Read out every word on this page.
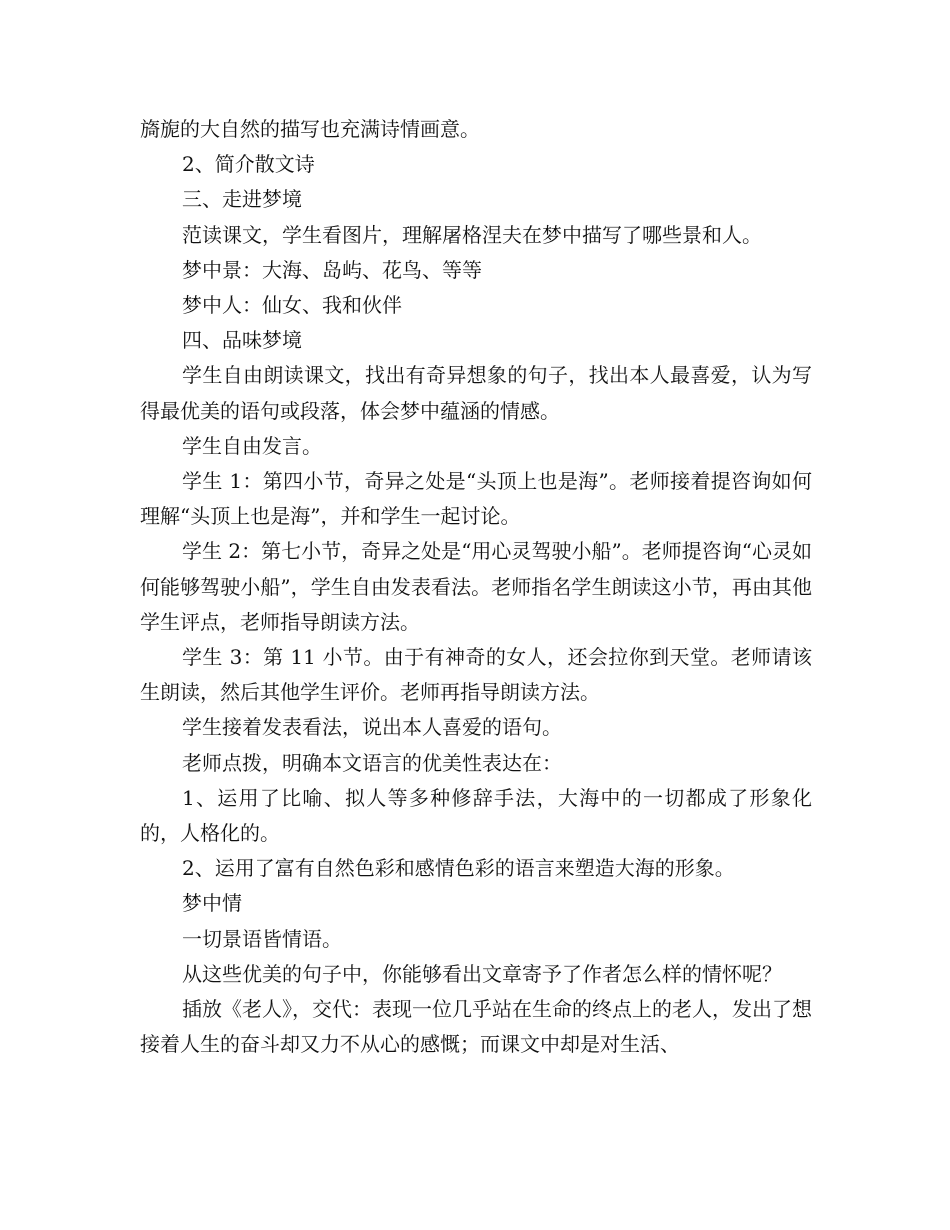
旖旎的大自然的描写也充满诗情画意。

2、简介散文诗

三、走进梦境

范读课文，学生看图片，理解屠格涅夫在梦中描写了哪些景和人。

梦中景：大海、岛屿、花鸟、等等

梦中人：仙女、我和伙伴

四、品味梦境

学生自由朗读课文，找出有奇异想象的句子，找出本人最喜爱，认为写得最优美的语句或段落，体会梦中蕴涵的情感。

学生自由发言。

学生 1：第四小节，奇异之处是“头顶上也是海”。老师接着提咨询如何理解“头顶上也是海”，并和学生一起讨论。

学生 2：第七小节，奇异之处是“用心灵驾驶小船”。老师提咨询“心灵如何能够驾驶小船”，学生自由发表看法。老师指名学生朗读这小节，再由其他学生评点，老师指导朗读方法。

学生 3：第 11 小节。由于有神奇的女人，还会拉你到天堂。老师请该生朗读，然后其他学生评价。老师再指导朗读方法。

学生接着发表看法，说出本人喜爱的语句。

老师点拨，明确本文语言的优美性表达在：

1、运用了比喻、拟人等多种修辞手法，大海中的一切都成了形象化的，人格化的。

2、运用了富有自然色彩和感情色彩的语言来塑造大海的形象。

梦中情

一切景语皆情语。

从这些优美的句子中，你能够看出文章寄予了作者怎么样的情怀呢？

插放《老人》，交代：表现一位几乎站在生命的终点上的老人，发出了想接着人生的奋斗却又力不从心的感慨；而课文中却是对生活、
